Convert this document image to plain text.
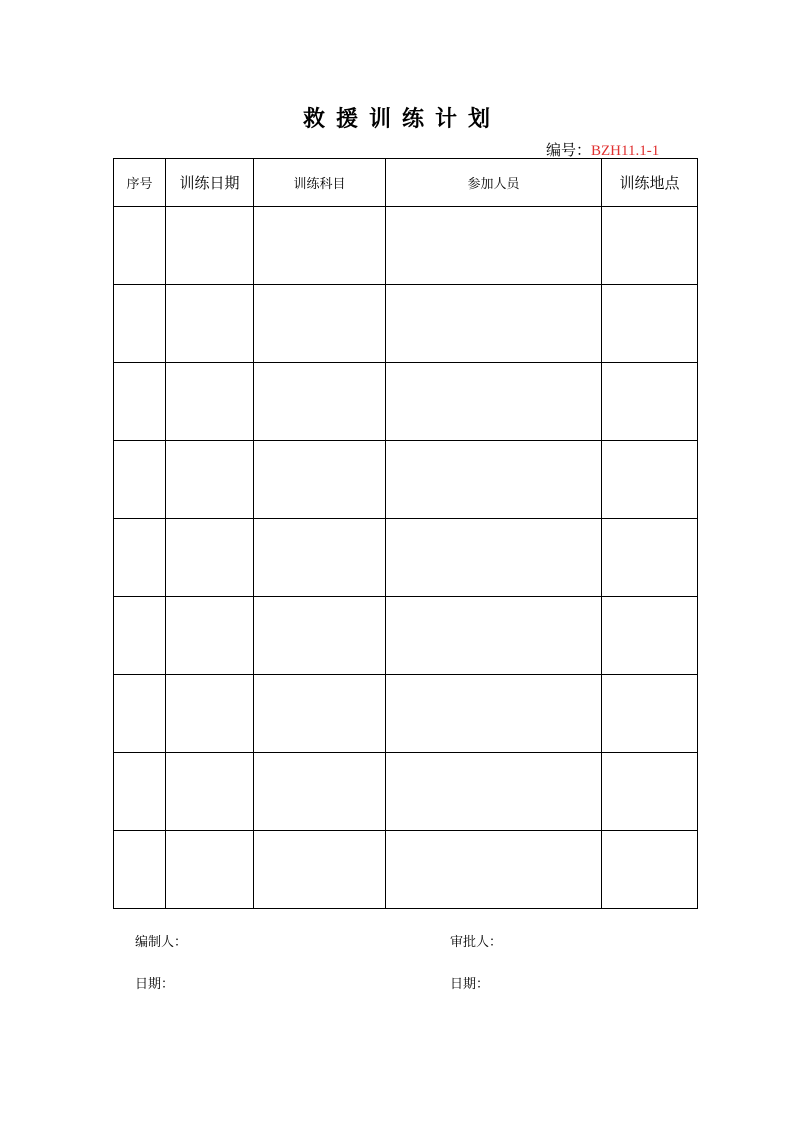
救援训练计划
编号：BZH11.1-1
序号	训练日期	训练科目	参加人员	训练地点

编制人：	审批人：
日期：	日期：
